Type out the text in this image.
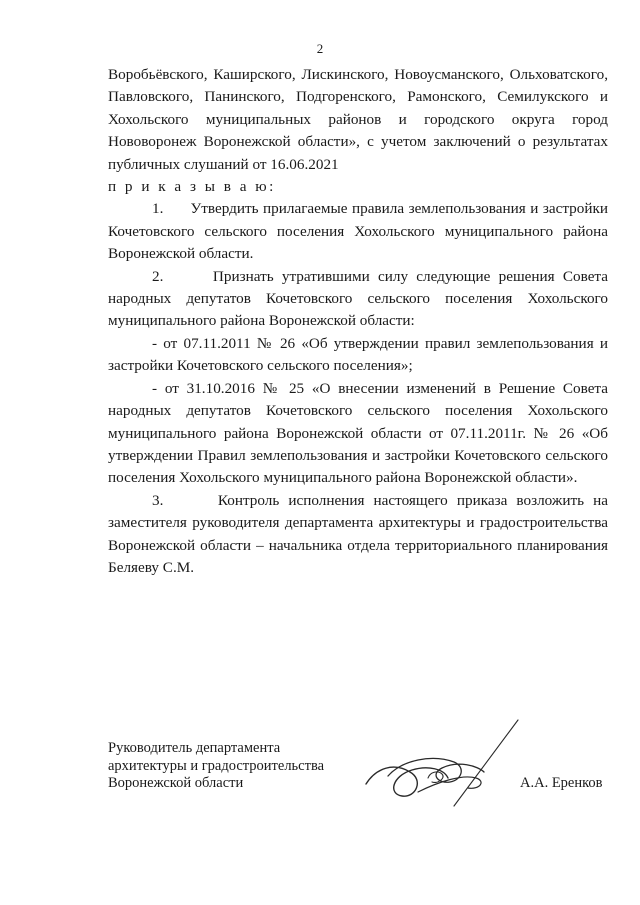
2

Воробьёвского, Каширского, Лискинского, Новоусманского, Ольховатского, Павловского, Панинского, Подгоренского, Рамонского, Семилукского и Хохольского муниципальных районов и городского округа город Нововоронеж Воронежской области», с учетом заключений о результатах публичных слушаний от 16.06.2021

п р и к а з ы в а ю:

1. Утвердить прилагаемые правила землепользования и застройки Кочетовского сельского поселения Хохольского муниципального района Воронежской области.

2.	Признать утратившими силу следующие решения Совета народных депутатов Кочетовского сельского поселения Хохольского муниципального района Воронежской области:

- от 07.11.2011 № 26 «Об утверждении правил землепользования и застройки Кочетовского сельского поселения»;

- от 31.10.2016 № 25 «О внесении изменений в Решение Совета народных депутатов Кочетовского сельского поселения Хохольского муниципального района Воронежской области от 07.11.2011г. № 26 «Об утверждении Правил землепользования и застройки Кочетовского сельского поселения Хохольского муниципального района Воронежской области».

3.	Контроль исполнения настоящего приказа возложить на заместителя руководителя департамента архитектуры и градостроительства Воронежской области – начальника отдела территориального планирования Беляеву С.М.

Руководитель департамента
архитектуры и градостроительства
Воронежской области	А.А. Еренков
